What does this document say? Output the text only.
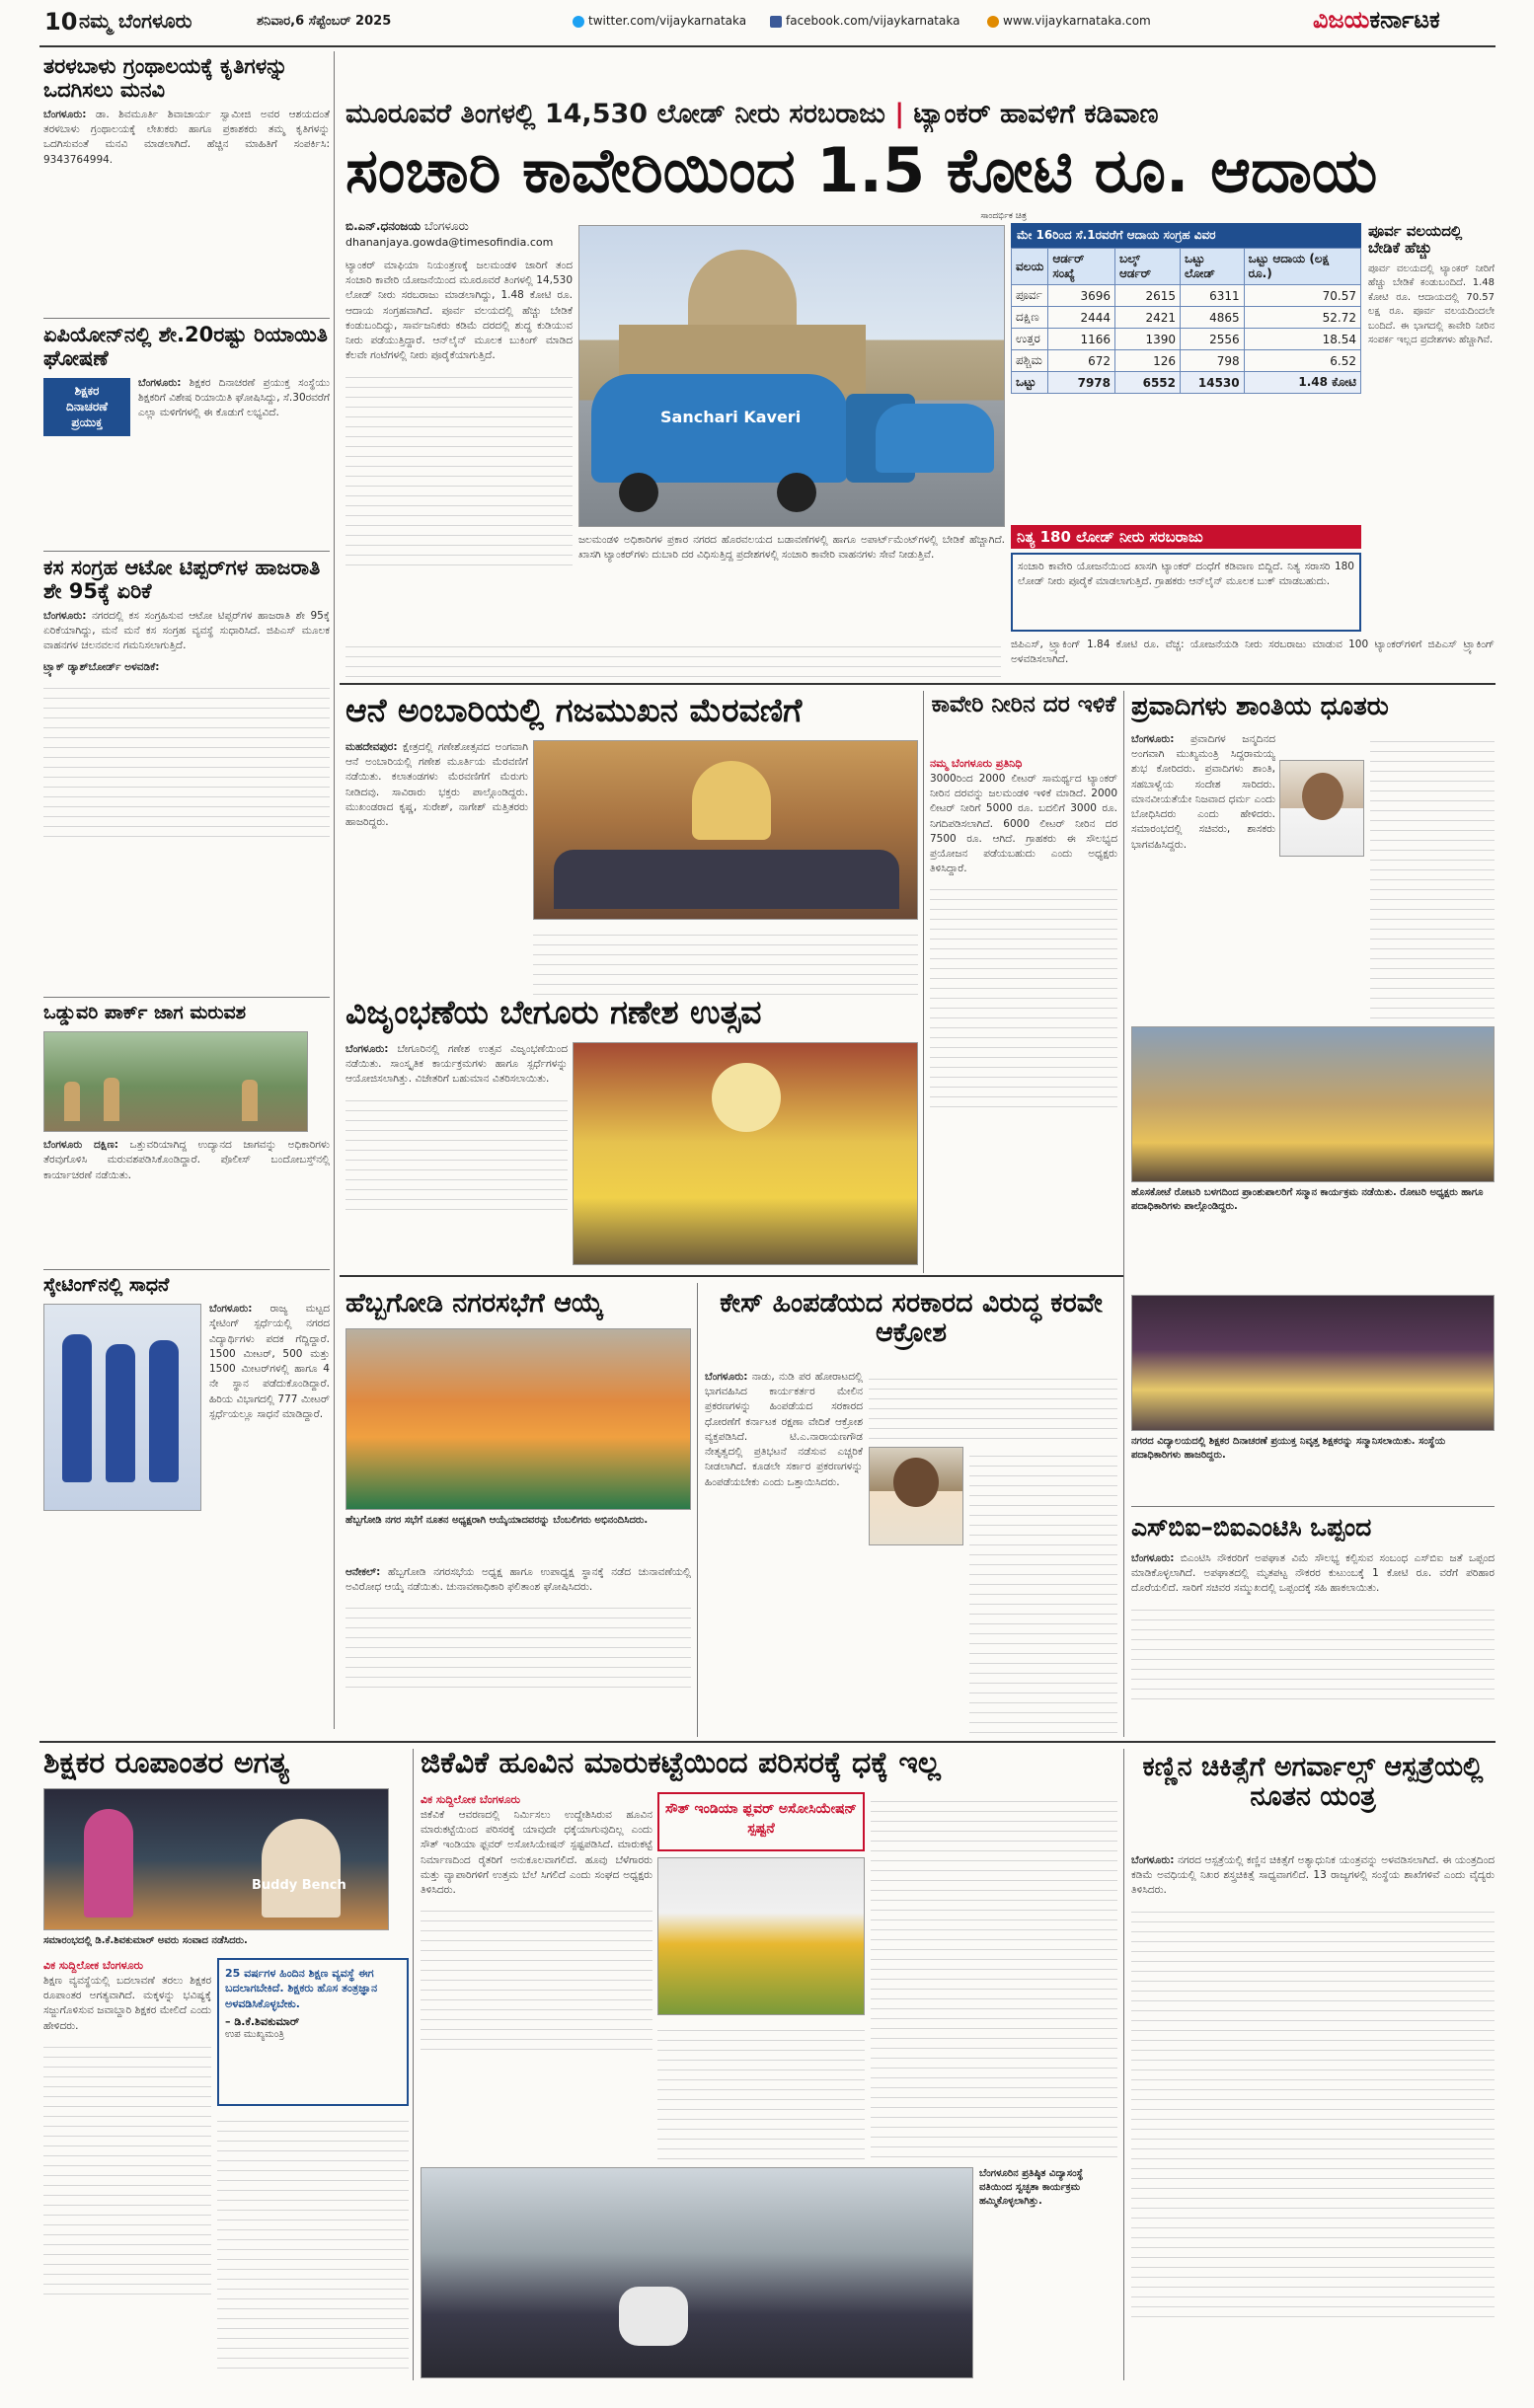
10 ನಮ್ಮ ಬೆಂಗಳೂರು	ಶನಿವಾರ,6 ಸೆಪ್ಟೆಂಬರ್ 2025	twitter.com/vijaykarnataka	facebook.com/vijaykarnataka	www.vijaykarnataka.com	ವಿಜಯಕರ್ನಾಟಕ
ತರಳಬಾಳು ಗ್ರಂಥಾಲಯಕ್ಕೆ ಕೃತಿಗಳನ್ನು ಒದಗಿಸಲು ಮನವಿ

ಬೆಂಗಳೂರು: ಡಾ. ಶಿವಮೂರ್ತಿ ಶಿವಾಚಾರ್ಯ ಸ್ವಾಮೀಜಿ ಅವರ ಆಶಯದಂತೆ ತರಳಬಾಳು ಗ್ರಂಥಾಲಯಕ್ಕೆ ಲೇಖಕರು ಹಾಗೂ ಪ್ರಕಾಶಕರು ತಮ್ಮ ಕೃತಿಗಳನ್ನು ಒದಗಿಸುವಂತೆ ಮನವಿ ಮಾಡಲಾಗಿದೆ. ಹೆಚ್ಚಿನ ಮಾಹಿತಿಗೆ ಸಂಪರ್ಕಿಸಿ: 9343764994.

ಏಪಿಯೋನ್‌ನಲ್ಲಿ ಶೇ.20ರಷ್ಟು ರಿಯಾಯಿತಿ ಘೋಷಣೆ
ಶಿಕ್ಷಕರ
ದಿನಾಚರಣೆ
ಪ್ರಯುಕ್ತ

ಬೆಂಗಳೂರು: ಶಿಕ್ಷಕರ ದಿನಾಚರಣೆ ಪ್ರಯುಕ್ತ ಸಂಸ್ಥೆಯು ಶಿಕ್ಷಕರಿಗೆ ವಿಶೇಷ ರಿಯಾಯಿತಿ ಘೋಷಿಸಿದ್ದು, ಸೆ.30ರವರೆಗೆ ಎಲ್ಲಾ ಮಳಿಗೆಗಳಲ್ಲಿ ಈ ಕೊಡುಗೆ ಲಭ್ಯವಿದೆ.

ಕಸ ಸಂಗ್ರಹ ಆಟೋ ಟಿಪ್ಪರ್‌ಗಳ ಹಾಜರಾತಿ ಶೇ 95ಕ್ಕೆ ಏರಿಕೆ

ಬೆಂಗಳೂರು: ನಗರದಲ್ಲಿ ಕಸ ಸಂಗ್ರಹಿಸುವ ಆಟೋ ಟಿಪ್ಪರ್‌ಗಳ ಹಾಜರಾತಿ ಶೇ 95ಕ್ಕೆ ಏರಿಕೆಯಾಗಿದ್ದು, ಮನೆ ಮನೆ ಕಸ ಸಂಗ್ರಹ ವ್ಯವಸ್ಥೆ ಸುಧಾರಿಸಿದೆ. ಜಿಪಿಎಸ್ ಮೂಲಕ ವಾಹನಗಳ ಚಲನವಲನ ಗಮನಿಸಲಾಗುತ್ತಿದೆ.

ಟ್ರ್ಯಾಕ್ ಡ್ಯಾಶ್‌ಬೋರ್ಡ್ ಅಳವಡಿಕೆ:

ಒಡ್ಡುವರಿ ಪಾರ್ಕ್ ಜಾಗ ಮರುವಶ

ಬೆಂಗಳೂರು ದಕ್ಷಿಣ: ಒತ್ತುವರಿಯಾಗಿದ್ದ ಉದ್ಯಾನದ ಜಾಗವನ್ನು ಅಧಿಕಾರಿಗಳು ತೆರವುಗೊಳಿಸಿ ಮರುವಶಪಡಿಸಿಕೊಂಡಿದ್ದಾರೆ. ಪೊಲೀಸ್ ಬಂದೋಬಸ್ತ್‌ನಲ್ಲಿ ಕಾರ್ಯಾಚರಣೆ ನಡೆಯಿತು.

ಸ್ಕೇಟಿಂಗ್‌ನಲ್ಲಿ ಸಾಧನೆ

ಬೆಂಗಳೂರು: ರಾಜ್ಯ ಮಟ್ಟದ ಸ್ಕೇಟಿಂಗ್ ಸ್ಪರ್ಧೆಯಲ್ಲಿ ನಗರದ ವಿದ್ಯಾರ್ಥಿಗಳು ಪದಕ ಗೆದ್ದಿದ್ದಾರೆ. 1500 ಮೀಟರ್, 500 ಮತ್ತು 1500 ಮೀಟರ್‌ಗಳಲ್ಲಿ ಹಾಗೂ 4 ನೇ ಸ್ಥಾನ ಪಡೆದುಕೊಂಡಿದ್ದಾರೆ. ಹಿರಿಯ ವಿಭಾಗದಲ್ಲಿ 777 ಮೀಟರ್ ಸ್ಪರ್ಧೆಯಲ್ಲೂ ಸಾಧನೆ ಮಾಡಿದ್ದಾರೆ.

ಮೂರೂವರೆ ತಿಂಗಳಲ್ಲಿ 14,530 ಲೋಡ್ ನೀರು ಸರಬರಾಜು | ಟ್ಯಾಂಕರ್ ಹಾವಳಿಗೆ ಕಡಿವಾಣ
ಸಂಚಾರಿ ಕಾವೇರಿಯಿಂದ 1.5 ಕೋಟಿ ರೂ. ಆದಾಯ
ಬಿ.ಎನ್.ಧನಂಜಯ ಬೆಂಗಳೂರು
dhananjaya.gowda@timesofindia.com
ಟ್ಯಾಂಕರ್ ಮಾಫಿಯಾ ನಿಯಂತ್ರಣಕ್ಕೆ ಜಲಮಂಡಳಿ ಜಾರಿಗೆ ತಂದ ಸಂಚಾರಿ ಕಾವೇರಿ ಯೋಜನೆಯಿಂದ ಮೂರೂವರೆ ತಿಂಗಳಲ್ಲಿ 14,530 ಲೋಡ್ ನೀರು ಸರಬರಾಜು ಮಾಡಲಾಗಿದ್ದು, 1.48 ಕೋಟಿ ರೂ. ಆದಾಯ ಸಂಗ್ರಹವಾಗಿದೆ. ಪೂರ್ವ ವಲಯದಲ್ಲಿ ಹೆಚ್ಚು ಬೇಡಿಕೆ ಕಂಡುಬಂದಿದ್ದು, ಸಾರ್ವಜನಿಕರು ಕಡಿಮೆ ದರದಲ್ಲಿ ಶುದ್ಧ ಕುಡಿಯುವ ನೀರು ಪಡೆಯುತ್ತಿದ್ದಾರೆ. ಆನ್‌ಲೈನ್ ಮೂಲಕ ಬುಕಿಂಗ್ ಮಾಡಿದ ಕೆಲವೇ ಗಂಟೆಗಳಲ್ಲಿ ನೀರು ಪೂರೈಕೆಯಾಗುತ್ತಿದೆ.
Sanchari Kaveri
ಸಾಂದರ್ಭಿಕ ಚಿತ್ರ
ಮೇ 16ರಿಂದ ಸೆ.1ರವರೆಗೆ ಆದಾಯ ಸಂಗ್ರಹ ವಿವರ
ವಲಯ	ಆರ್ಡರ್ ಸಂಖ್ಯೆ	ಬಲ್ಕ್ ಆರ್ಡರ್	ಒಟ್ಟು ಲೋಡ್	ಒಟ್ಟು ಆದಾಯ (ಲಕ್ಷ ರೂ.)
ಪೂರ್ವ	3696	2615	6311	70.57
ದಕ್ಷಿಣ	2444	2421	4865	52.72
ಉತ್ತರ	1166	1390	2556	18.54
ಪಶ್ಚಿಮ	672	126	798	6.52
ಒಟ್ಟು	7978	6552	14530	1.48 ಕೋಟಿ
ಪೂರ್ವ ವಲಯದಲ್ಲಿ ಬೇಡಿಕೆ ಹೆಚ್ಚು

ಪೂರ್ವ ವಲಯದಲ್ಲಿ ಟ್ಯಾಂಕರ್ ನೀರಿಗೆ ಹೆಚ್ಚು ಬೇಡಿಕೆ ಕಂಡುಬಂದಿದೆ. 1.48 ಕೋಟಿ ರೂ. ಆದಾಯದಲ್ಲಿ 70.57 ಲಕ್ಷ ರೂ. ಪೂರ್ವ ವಲಯದಿಂದಲೇ ಬಂದಿದೆ. ಈ ಭಾಗದಲ್ಲಿ ಕಾವೇರಿ ನೀರಿನ ಸಂಪರ್ಕ ಇಲ್ಲದ ಪ್ರದೇಶಗಳು ಹೆಚ್ಚಾಗಿವೆ.

ನಿತ್ಯ 180 ಲೋಡ್ ನೀರು ಸರಬರಾಜು
ಸಂಚಾರಿ ಕಾವೇರಿ ಯೋಜನೆಯಿಂದ ಖಾಸಗಿ ಟ್ಯಾಂಕರ್ ದಂಧೆಗೆ ಕಡಿವಾಣ ಬಿದ್ದಿದೆ. ನಿತ್ಯ ಸರಾಸರಿ 180 ಲೋಡ್ ನೀರು ಪೂರೈಕೆ ಮಾಡಲಾಗುತ್ತಿದೆ. ಗ್ರಾಹಕರು ಆನ್‌ಲೈನ್ ಮೂಲಕ ಬುಕ್ ಮಾಡಬಹುದು.
ಜಲಮಂಡಳಿ ಅಧಿಕಾರಿಗಳ ಪ್ರಕಾರ ನಗರದ ಹೊರವಲಯದ ಬಡಾವಣೆಗಳಲ್ಲಿ ಹಾಗೂ ಅಪಾರ್ಟ್‌ಮೆಂಟ್‌ಗಳಲ್ಲಿ ಬೇಡಿಕೆ ಹೆಚ್ಚಾಗಿದೆ. ಖಾಸಗಿ ಟ್ಯಾಂಕರ್‌ಗಳು ದುಬಾರಿ ದರ ವಿಧಿಸುತ್ತಿದ್ದ ಪ್ರದೇಶಗಳಲ್ಲಿ ಸಂಚಾರಿ ಕಾವೇರಿ ವಾಹನಗಳು ಸೇವೆ ನೀಡುತ್ತಿವೆ.
ಜಿಪಿಎಸ್, ಟ್ರ್ಯಾಕಿಂಗ್ 1.84 ಕೋಟಿ ರೂ. ವೆಚ್ಚ: ಯೋಜನೆಯಡಿ ನೀರು ಸರಬರಾಜು ಮಾಡುವ 100 ಟ್ಯಾಂಕರ್‌ಗಳಿಗೆ ಜಿಪಿಎಸ್ ಟ್ರ್ಯಾಕಿಂಗ್ ಅಳವಡಿಸಲಾಗಿದೆ.
ಆನೆ ಅಂಬಾರಿಯಲ್ಲಿ ಗಜಮುಖನ ಮೆರವಣಿಗೆ
ಮಹದೇವಪುರ: ಕ್ಷೇತ್ರದಲ್ಲಿ ಗಣೇಶೋತ್ಸವದ ಅಂಗವಾಗಿ ಆನೆ ಅಂಬಾರಿಯಲ್ಲಿ ಗಣೇಶ ಮೂರ್ತಿಯ ಮೆರವಣಿಗೆ ನಡೆಯಿತು. ಕಲಾತಂಡಗಳು ಮೆರವಣಿಗೆಗೆ ಮೆರುಗು ನೀಡಿದವು. ಸಾವಿರಾರು ಭಕ್ತರು ಪಾಲ್ಗೊಂಡಿದ್ದರು. ಮುಖಂಡರಾದ ಕೃಷ್ಣ, ಸುರೇಶ್, ನಾಗೇಶ್ ಮತ್ತಿತರರು ಹಾಜರಿದ್ದರು.
ವಿಜೃಂಭಣೆಯ ಬೇಗೂರು ಗಣೇಶ ಉತ್ಸವ
ಬೆಂಗಳೂರು: ಬೇಗೂರಿನಲ್ಲಿ ಗಣೇಶ ಉತ್ಸವ ವಿಜೃಂಭಣೆಯಿಂದ ನಡೆಯಿತು. ಸಾಂಸ್ಕೃತಿಕ ಕಾರ್ಯಕ್ರಮಗಳು ಹಾಗೂ ಸ್ಪರ್ಧೆಗಳನ್ನು ಆಯೋಜಿಸಲಾಗಿತ್ತು. ವಿಜೇತರಿಗೆ ಬಹುಮಾನ ವಿತರಿಸಲಾಯಿತು.
ಕಾವೇರಿ ನೀರಿನ ದರ ಇಳಿಕೆ
ನಮ್ಮ ಬೆಂಗಳೂರು ಪ್ರತಿನಿಧಿ
3000ರಿಂದ 2000 ಲೀಟರ್ ಸಾಮರ್ಥ್ಯದ ಟ್ಯಾಂಕರ್ ನೀರಿನ ದರವನ್ನು ಜಲಮಂಡಳಿ ಇಳಿಕೆ ಮಾಡಿದೆ. 2000 ಲೀಟರ್ ನೀರಿಗೆ 5000 ರೂ. ಬದಲಿಗೆ 3000 ರೂ. ನಿಗದಿಪಡಿಸಲಾಗಿದೆ. 6000 ಲೀಟರ್ ನೀರಿನ ದರ 7500 ರೂ. ಆಗಿದೆ. ಗ್ರಾಹಕರು ಈ ಸೌಲಭ್ಯದ ಪ್ರಯೋಜನ ಪಡೆಯಬಹುದು ಎಂದು ಅಧ್ಯಕ್ಷರು ತಿಳಿಸಿದ್ದಾರೆ.
ಪ್ರವಾದಿಗಳು ಶಾಂತಿಯ ಧೂತರು
ಬೆಂಗಳೂರು: ಪ್ರವಾದಿಗಳ ಜನ್ಮದಿನದ ಅಂಗವಾಗಿ ಮುಖ್ಯಮಂತ್ರಿ ಸಿದ್ದರಾಮಯ್ಯ ಶುಭ ಕೋರಿದರು. ಪ್ರವಾದಿಗಳು ಶಾಂತಿ, ಸಹಬಾಳ್ವೆಯ ಸಂದೇಶ ಸಾರಿದರು. ಮಾನವೀಯತೆಯೇ ನಿಜವಾದ ಧರ್ಮ ಎಂದು ಬೋಧಿಸಿದರು ಎಂದು ಹೇಳಿದರು. ಸಮಾರಂಭದಲ್ಲಿ ಸಚಿವರು, ಶಾಸಕರು ಭಾಗವಹಿಸಿದ್ದರು.
ಹೊಸಕೋಟೆ ರೋಟರಿ ಬಳಗದಿಂದ ಪ್ರಾಂಶುಪಾಲರಿಗೆ ಸನ್ಮಾನ ಕಾರ್ಯಕ್ರಮ ನಡೆಯಿತು. ರೋಟರಿ ಅಧ್ಯಕ್ಷರು ಹಾಗೂ ಪದಾಧಿಕಾರಿಗಳು ಪಾಲ್ಗೊಂಡಿದ್ದರು.
ನಗರದ ವಿದ್ಯಾಲಯದಲ್ಲಿ ಶಿಕ್ಷಕರ ದಿನಾಚರಣೆ ಪ್ರಯುಕ್ತ ನಿವೃತ್ತ ಶಿಕ್ಷಕರನ್ನು ಸನ್ಮಾನಿಸಲಾಯಿತು. ಸಂಸ್ಥೆಯ ಪದಾಧಿಕಾರಿಗಳು ಹಾಜರಿದ್ದರು.
ಹೆಬ್ಬಗೋಡಿ ನಗರಸಭೆಗೆ ಆಯ್ಕೆ
ಹೆಬ್ಬಗೋಡಿ ನಗರ ಸಭೆಗೆ ನೂತನ ಅಧ್ಯಕ್ಷರಾಗಿ ಆಯ್ಕೆಯಾದವರನ್ನು ಬೆಂಬಲಿಗರು ಅಭಿನಂದಿಸಿದರು.
ಆನೇಕಲ್: ಹೆಬ್ಬಗೋಡಿ ನಗರಸಭೆಯ ಅಧ್ಯಕ್ಷ ಹಾಗೂ ಉಪಾಧ್ಯಕ್ಷ ಸ್ಥಾನಕ್ಕೆ ನಡೆದ ಚುನಾವಣೆಯಲ್ಲಿ ಅವಿರೋಧ ಆಯ್ಕೆ ನಡೆಯಿತು. ಚುನಾವಣಾಧಿಕಾರಿ ಫಲಿತಾಂಶ ಘೋಷಿಸಿದರು.
ಕೇಸ್ ಹಿಂಪಡೆಯದ ಸರಕಾರದ ವಿರುದ್ಧ ಕರವೇ ಆಕ್ರೋಶ
ಬೆಂಗಳೂರು: ನಾಡು, ನುಡಿ ಪರ ಹೋರಾಟದಲ್ಲಿ ಭಾಗವಹಿಸಿದ ಕಾರ್ಯಕರ್ತರ ಮೇಲಿನ ಪ್ರಕರಣಗಳನ್ನು ಹಿಂಪಡೆಯದ ಸರಕಾರದ ಧೋರಣೆಗೆ ಕರ್ನಾಟಕ ರಕ್ಷಣಾ ವೇದಿಕೆ ಆಕ್ರೋಶ ವ್ಯಕ್ತಪಡಿಸಿದೆ. ಟಿ.ಎ.ನಾರಾಯಣಗೌಡ ನೇತೃತ್ವದಲ್ಲಿ ಪ್ರತಿಭಟನೆ ನಡೆಸುವ ಎಚ್ಚರಿಕೆ ನೀಡಲಾಗಿದೆ. ಕೂಡಲೇ ಸರ್ಕಾರ ಪ್ರಕರಣಗಳನ್ನು ಹಿಂಪಡೆಯಬೇಕು ಎಂದು ಒತ್ತಾಯಿಸಿದರು.
ಎಸ್‌ಬಿಐ–ಬಿಐಎಂಟಿಸಿ ಒಪ್ಪಂದ
ಬೆಂಗಳೂರು: ಬಿಎಂಟಿಸಿ ನೌಕರರಿಗೆ ಅಪಘಾತ ವಿಮೆ ಸೌಲಭ್ಯ ಕಲ್ಪಿಸುವ ಸಂಬಂಧ ಎಸ್‌ಬಿಐ ಜತೆ ಒಪ್ಪಂದ ಮಾಡಿಕೊಳ್ಳಲಾಗಿದೆ. ಅಪಘಾತದಲ್ಲಿ ಮೃತಪಟ್ಟ ನೌಕರರ ಕುಟುಂಬಕ್ಕೆ 1 ಕೋಟಿ ರೂ. ವರೆಗೆ ಪರಿಹಾರ ದೊರೆಯಲಿದೆ. ಸಾರಿಗೆ ಸಚಿವರ ಸಮ್ಮುಖದಲ್ಲಿ ಒಪ್ಪಂದಕ್ಕೆ ಸಹಿ ಹಾಕಲಾಯಿತು.
ಶಿಕ್ಷಕರ ರೂಪಾಂತರ ಅಗತ್ಯ
Buddy Bench
ಸಮಾರಂಭದಲ್ಲಿ ಡಿ.ಕೆ.ಶಿವಕುಮಾರ್ ಅವರು ಸಂವಾದ ನಡೆಸಿದರು.
ವಿಕ ಸುದ್ದಿಲೋಕ ಬೆಂಗಳೂರು
ಶಿಕ್ಷಣ ವ್ಯವಸ್ಥೆಯಲ್ಲಿ ಬದಲಾವಣೆ ತರಲು ಶಿಕ್ಷಕರ ರೂಪಾಂತರ ಅಗತ್ಯವಾಗಿದೆ. ಮಕ್ಕಳನ್ನು ಭವಿಷ್ಯಕ್ಕೆ ಸಜ್ಜುಗೊಳಿಸುವ ಜವಾಬ್ದಾರಿ ಶಿಕ್ಷಕರ ಮೇಲಿದೆ ಎಂದು ಹೇಳಿದರು.

25 ವರ್ಷಗಳ ಹಿಂದಿನ ಶಿಕ್ಷಣ ವ್ಯವಸ್ಥೆ ಈಗ ಬದಲಾಗಬೇಕಿದೆ. ಶಿಕ್ಷಕರು ಹೊಸ ತಂತ್ರಜ್ಞಾನ ಅಳವಡಿಸಿಕೊಳ್ಳಬೇಕು.

– ಡಿ.ಕೆ.ಶಿವಕುಮಾರ್

ಉಪ ಮುಖ್ಯಮಂತ್ರಿ

ಜಿಕೆವಿಕೆ ಹೂವಿನ ಮಾರುಕಟ್ಟೆಯಿಂದ ಪರಿಸರಕ್ಕೆ ಧಕ್ಕೆ ಇಲ್ಲ
ವಿಕ ಸುದ್ದಿಲೋಕ ಬೆಂಗಳೂರು
ಜಿಕೆವಿಕೆ ಆವರಣದಲ್ಲಿ ನಿರ್ಮಿಸಲು ಉದ್ದೇಶಿಸಿರುವ ಹೂವಿನ ಮಾರುಕಟ್ಟೆಯಿಂದ ಪರಿಸರಕ್ಕೆ ಯಾವುದೇ ಧಕ್ಕೆಯಾಗುವುದಿಲ್ಲ ಎಂದು ಸೌತ್ ಇಂಡಿಯಾ ಫ್ಲವರ್ ಅಸೋಸಿಯೇಷನ್ ಸ್ಪಷ್ಟಪಡಿಸಿದೆ. ಮಾರುಕಟ್ಟೆ ನಿರ್ಮಾಣದಿಂದ ರೈತರಿಗೆ ಅನುಕೂಲವಾಗಲಿದೆ. ಹೂವು ಬೆಳೆಗಾರರು ಮತ್ತು ವ್ಯಾಪಾರಿಗಳಿಗೆ ಉತ್ತಮ ಬೆಲೆ ಸಿಗಲಿದೆ ಎಂದು ಸಂಘದ ಅಧ್ಯಕ್ಷರು ತಿಳಿಸಿದರು.
ಸೌತ್ ಇಂಡಿಯಾ ಫ್ಲವರ್ ಅಸೋಸಿಯೇಷನ್ ಸ್ಪಷ್ಟನೆ
ಬೆಂಗಳೂರಿನ ಪ್ರತಿಷ್ಠಿತ ವಿದ್ಯಾಸಂಸ್ಥೆ ವತಿಯಿಂದ ಸ್ವಚ್ಛತಾ ಕಾರ್ಯಕ್ರಮ ಹಮ್ಮಿಕೊಳ್ಳಲಾಗಿತ್ತು.
ಕಣ್ಣಿನ ಚಿಕಿತ್ಸೆಗೆ ಅಗರ್ವಾಲ್ಸ್ ಆಸ್ಪತ್ರೆಯಲ್ಲಿ ನೂತನ ಯಂತ್ರ
ಬೆಂಗಳೂರು: ನಗರದ ಆಸ್ಪತ್ರೆಯಲ್ಲಿ ಕಣ್ಣಿನ ಚಿಕಿತ್ಸೆಗೆ ಅತ್ಯಾಧುನಿಕ ಯಂತ್ರವನ್ನು ಅಳವಡಿಸಲಾಗಿದೆ. ಈ ಯಂತ್ರದಿಂದ ಕಡಿಮೆ ಅವಧಿಯಲ್ಲಿ ನಿಖರ ಶಸ್ತ್ರಚಿಕಿತ್ಸೆ ಸಾಧ್ಯವಾಗಲಿದೆ. 13 ರಾಜ್ಯಗಳಲ್ಲಿ ಸಂಸ್ಥೆಯ ಶಾಖೆಗಳಿವೆ ಎಂದು ವೈದ್ಯರು ತಿಳಿಸಿದರು.
